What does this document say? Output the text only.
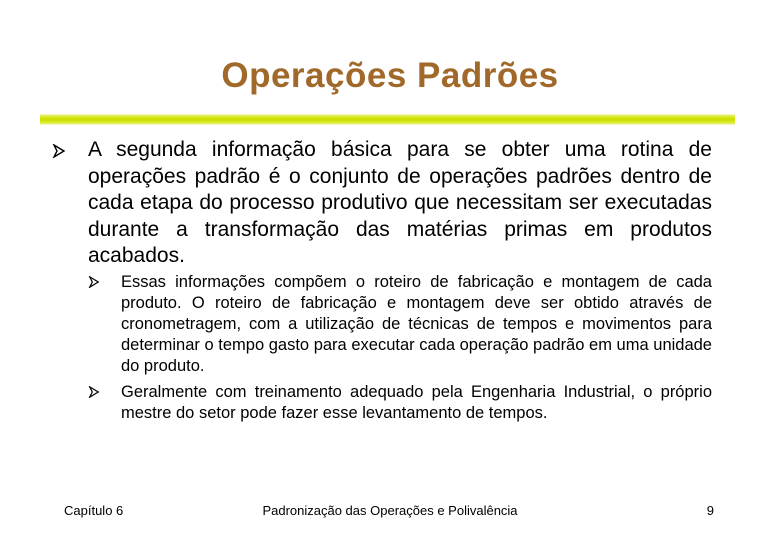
Operações Padrões
A segunda informação básica para se obter uma rotina de operações padrão é o conjunto de operações padrões dentro de cada etapa do processo produtivo que necessitam ser executadas durante a transformação das matérias primas em produtos acabados.
Essas informações compõem o roteiro de fabricação e montagem de cada produto. O roteiro de fabricação e montagem deve ser obtido através de cronometragem, com a utilização de técnicas de tempos e movimentos para determinar o tempo gasto para executar cada operação padrão em uma unidade do produto.
Geralmente com treinamento adequado pela Engenharia Industrial, o próprio mestre do setor pode fazer esse levantamento de tempos.
Capítulo 6	Padronização das Operações e Polivalência	9
